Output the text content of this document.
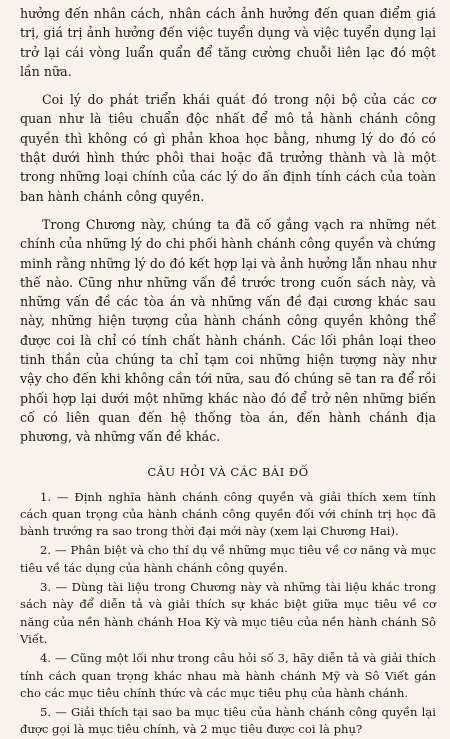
hưởng đến nhân cách, nhân cách ảnh hưởng đến quan điểm giá trị, giá trị ảnh hưởng đến việc tuyển dụng và việc tuyển dụng lại trở lại cái vòng luẩn quẩn để tăng cường chuỗi liên lạc đó một lần nữa.

Coi lý do phát triển khái quát đó trong nội bộ của các cơ quan như là tiêu chuẩn độc nhất để mô tả hành chánh công quyền thì không có gì phản khoa học bằng, nhưng lý do đó có thật dưới hình thức phôi thai hoặc đã trưởng thành và là một trong những loại chính của các lý do ấn định tính cách của toàn ban hành chánh công quyền.

Trong Chương này, chúng ta đã cố gắng vạch ra những nét chính của những lý do chi phối hành chánh công quyền và chứng minh rằng những lý do đó kết hợp lại và ảnh hưởng lẫn nhau như thế nào. Cũng như những vấn đề trước trong cuốn sách này, và những vấn đề các tòa án và những vấn đề đại cương khác sau này, những hiện tượng của hành chánh công quyền không thể được coi là chỉ có tính chất hành chánh. Các lối phân loại theo tinh thần của chúng ta chỉ tạm coi những hiện tượng này như vậy cho đến khi không cần tới nữa, sau đó chúng sẽ tan ra để rồi phối hợp lại dưới một những khác nào đó để trở nên những biến cố có liên quan đến hệ thống tòa án, đến hành chánh địa phương, và những vấn đề khác.

CÂU HỎI VÀ CÁC BÀI ĐỐ

1. — Định nghĩa hành chánh công quyền và giải thích xem tính cách quan trọng của hành chánh công quyền đối với chính trị học đã bành trướng ra sao trong thời đại mới này (xem lại Chương Hai).

2. — Phân biệt và cho thí dụ về những mục tiêu về cơ năng và mục tiêu về tác dụng của hành chánh công quyền.

3. — Dùng tài liệu trong Chương này và những tài liệu khác trong sách này để diễn tả và giải thích sự khác biệt giữa mục tiêu về cơ năng của nền hành chánh Hoa Kỳ và mục tiêu của nền hành chánh Sô Viết.

4. — Cũng một lối như trong câu hỏi số 3, hãy diễn tả và giải thích tính cách quan trọng khác nhau mà hành chánh Mỹ và Sô Viết gán cho các mục tiêu chính thức và các mục tiêu phụ của hành chánh.

5. — Giải thích tại sao ba mục tiêu của hành chánh công quyền lại được gọi là mục tiêu chính, và 2 mục tiêu được coi là phụ?
